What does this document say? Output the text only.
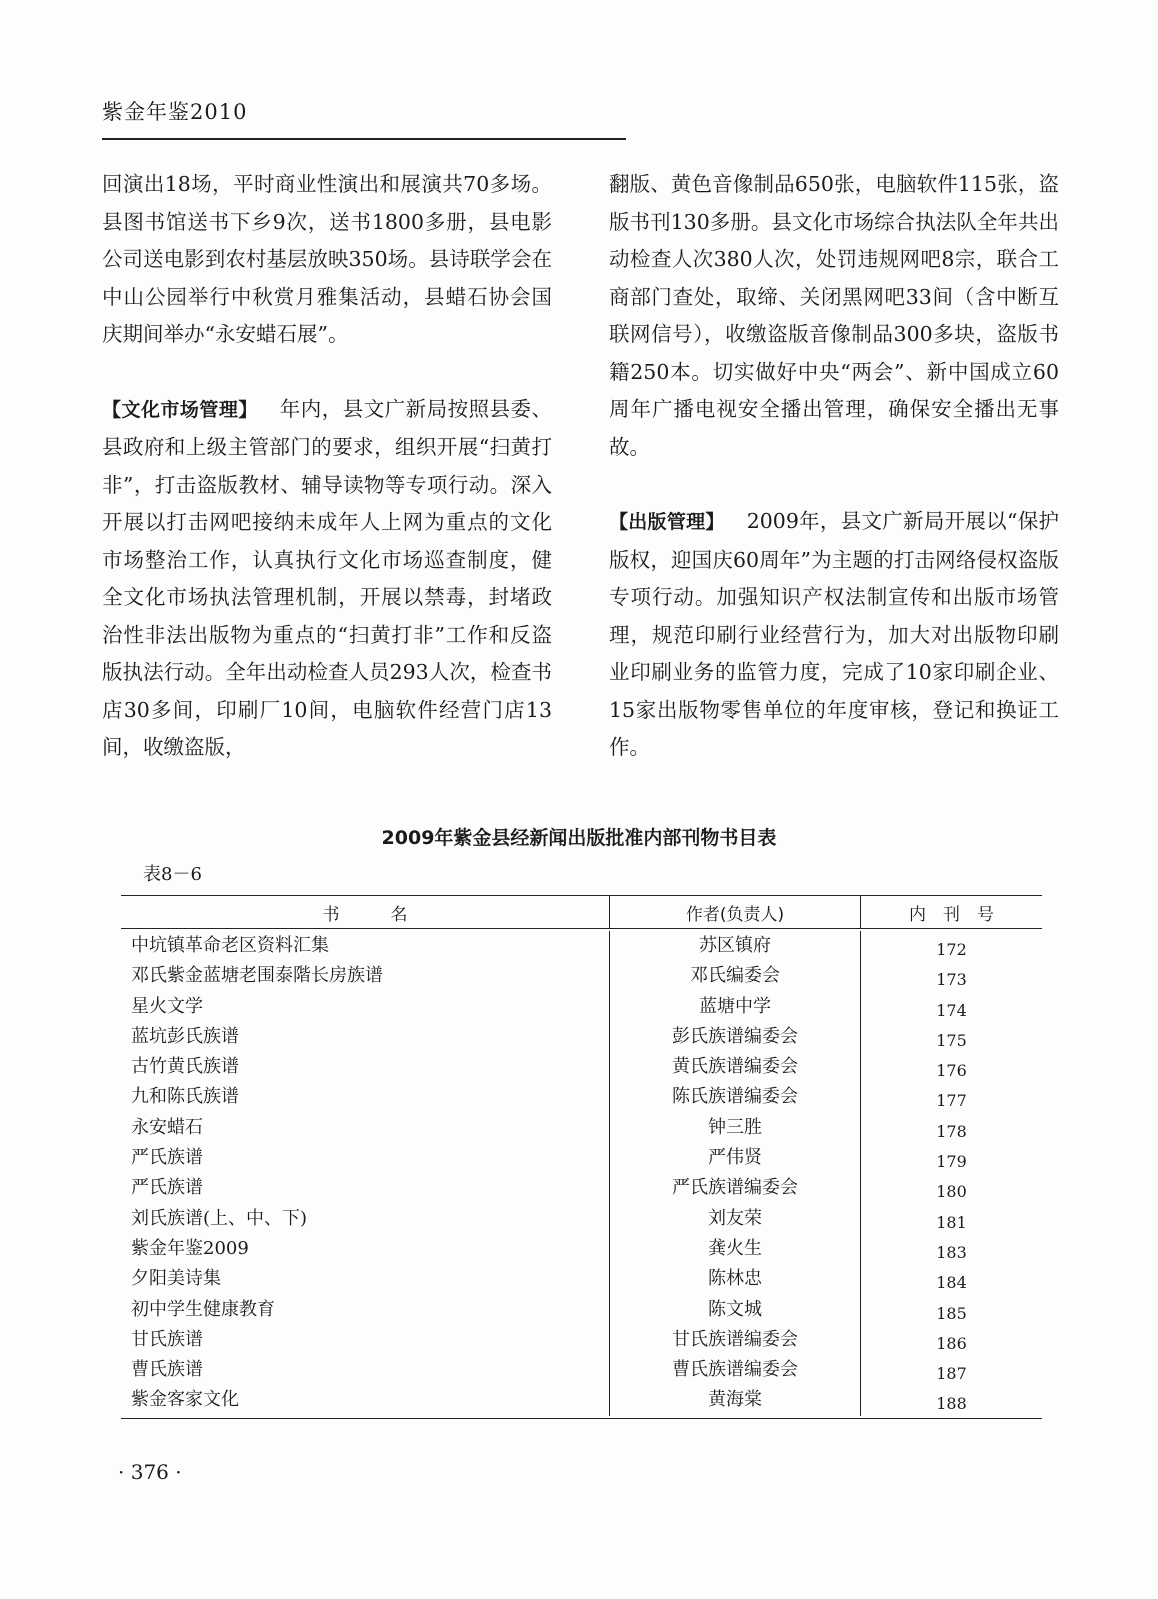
紫金年鉴2010

回演出18场，平时商业性演出和展演共70多场。县图书馆送书下乡9次，送书1800多册，县电影公司送电影到农村基层放映350场。县诗联学会在中山公园举行中秋赏月雅集活动，县蜡石协会国庆期间举办“永安蜡石展”。

【文化市场管理】 年内，县文广新局按照县委、县政府和上级主管部门的要求，组织开展“扫黄打非”，打击盗版教材、辅导读物等专项行动。深入开展以打击网吧接纳未成年人上网为重点的文化市场整治工作，认真执行文化市场巡查制度，健全文化市场执法管理机制，开展以禁毒，封堵政治性非法出版物为重点的“扫黄打非”工作和反盗版执法行动。全年出动检查人员293人次，检查书店30多间，印刷厂10间，电脑软件经营门店13间，收缴盗版，

翻版、黄色音像制品650张，电脑软件115张，盗版书刊130多册。县文化市场综合执法队全年共出动检查人次380人次，处罚违规网吧8宗，联合工商部门查处，取缔、关闭黑网吧33间（含中断互联网信号），收缴盗版音像制品300多块，盗版书籍250本。切实做好中央“两会”、新中国成立60周年广播电视安全播出管理，确保安全播出无事故。

【出版管理】 2009年，县文广新局开展以“保护版权，迎国庆60周年”为主题的打击网络侵权盗版专项行动。加强知识产权法制宣传和出版市场管理，规范印刷行业经营行为，加大对出版物印刷业印刷业务的监管力度，完成了10家印刷企业、15家出版物零售单位的年度审核，登记和换证工作。

2009年紫金县经新闻出版批准内部刊物书目表
表8－6
书　　　名	作者(负责人)	内　刊　号
中坑镇革命老区资料汇集
邓氏紫金蓝塘老围泰階长房族谱
星火文学
蓝坑彭氏族谱
古竹黄氏族谱
九和陈氏族谱
永安蜡石
严氏族谱
严氏族谱
刘氏族谱(上、中、下)
紫金年鉴2009
夕阳美诗集
初中学生健康教育
甘氏族谱
曹氏族谱
紫金客家文化
苏区镇府
邓氏编委会
蓝塘中学
彭氏族谱编委会
黄氏族谱编委会
陈氏族谱编委会
钟三胜
严伟贤
严氏族谱编委会
刘友荣
龚火生
陈林忠
陈文城
甘氏族谱编委会
曹氏族谱编委会
黄海棠
172
173
174
175
176
177
178
179
180
181
183
184
185
186
187
188
· 376 ·
